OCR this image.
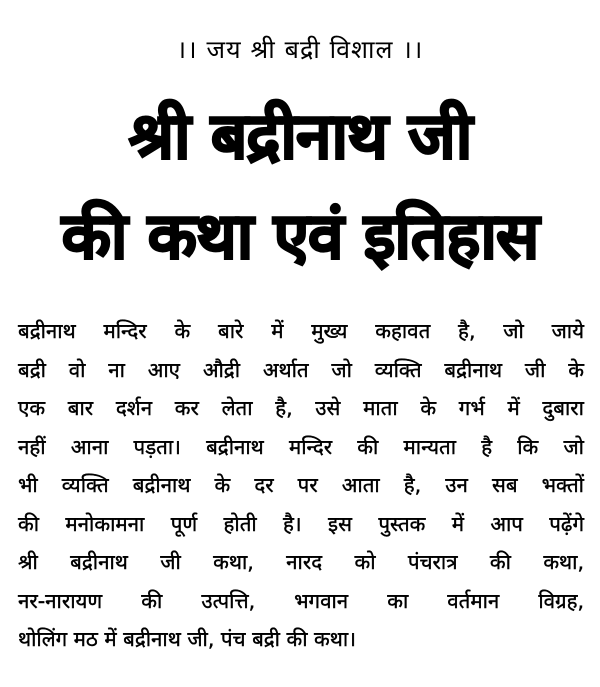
।। जय श्री बद्री विशाल ।।
श्री बद्रीनाथ जी
की कथा एवं इतिहास
बद्रीनाथ मन्दिर के बारे में मुख्य कहावत है, जो जाये
बद्री वो ना आए औद्री अर्थात जो व्यक्ति बद्रीनाथ जी के
एक बार दर्शन कर लेता है, उसे माता के गर्भ में दुबारा
नहीं आना पड़ता। बद्रीनाथ मन्दिर की मान्यता है कि जो
भी व्यक्ति बद्रीनाथ के दर पर आता है, उन सब भक्तों
की मनोकामना पूर्ण होती है। इस पुस्तक में आप पढ़ेंगे
श्री बद्रीनाथ जी कथा, नारद को पंचरात्र की कथा,
नर-नारायण की उत्पत्ति, भगवान का वर्तमान विग्रह,
थोलिंग मठ में बद्रीनाथ जी, पंच बद्री की कथा।
